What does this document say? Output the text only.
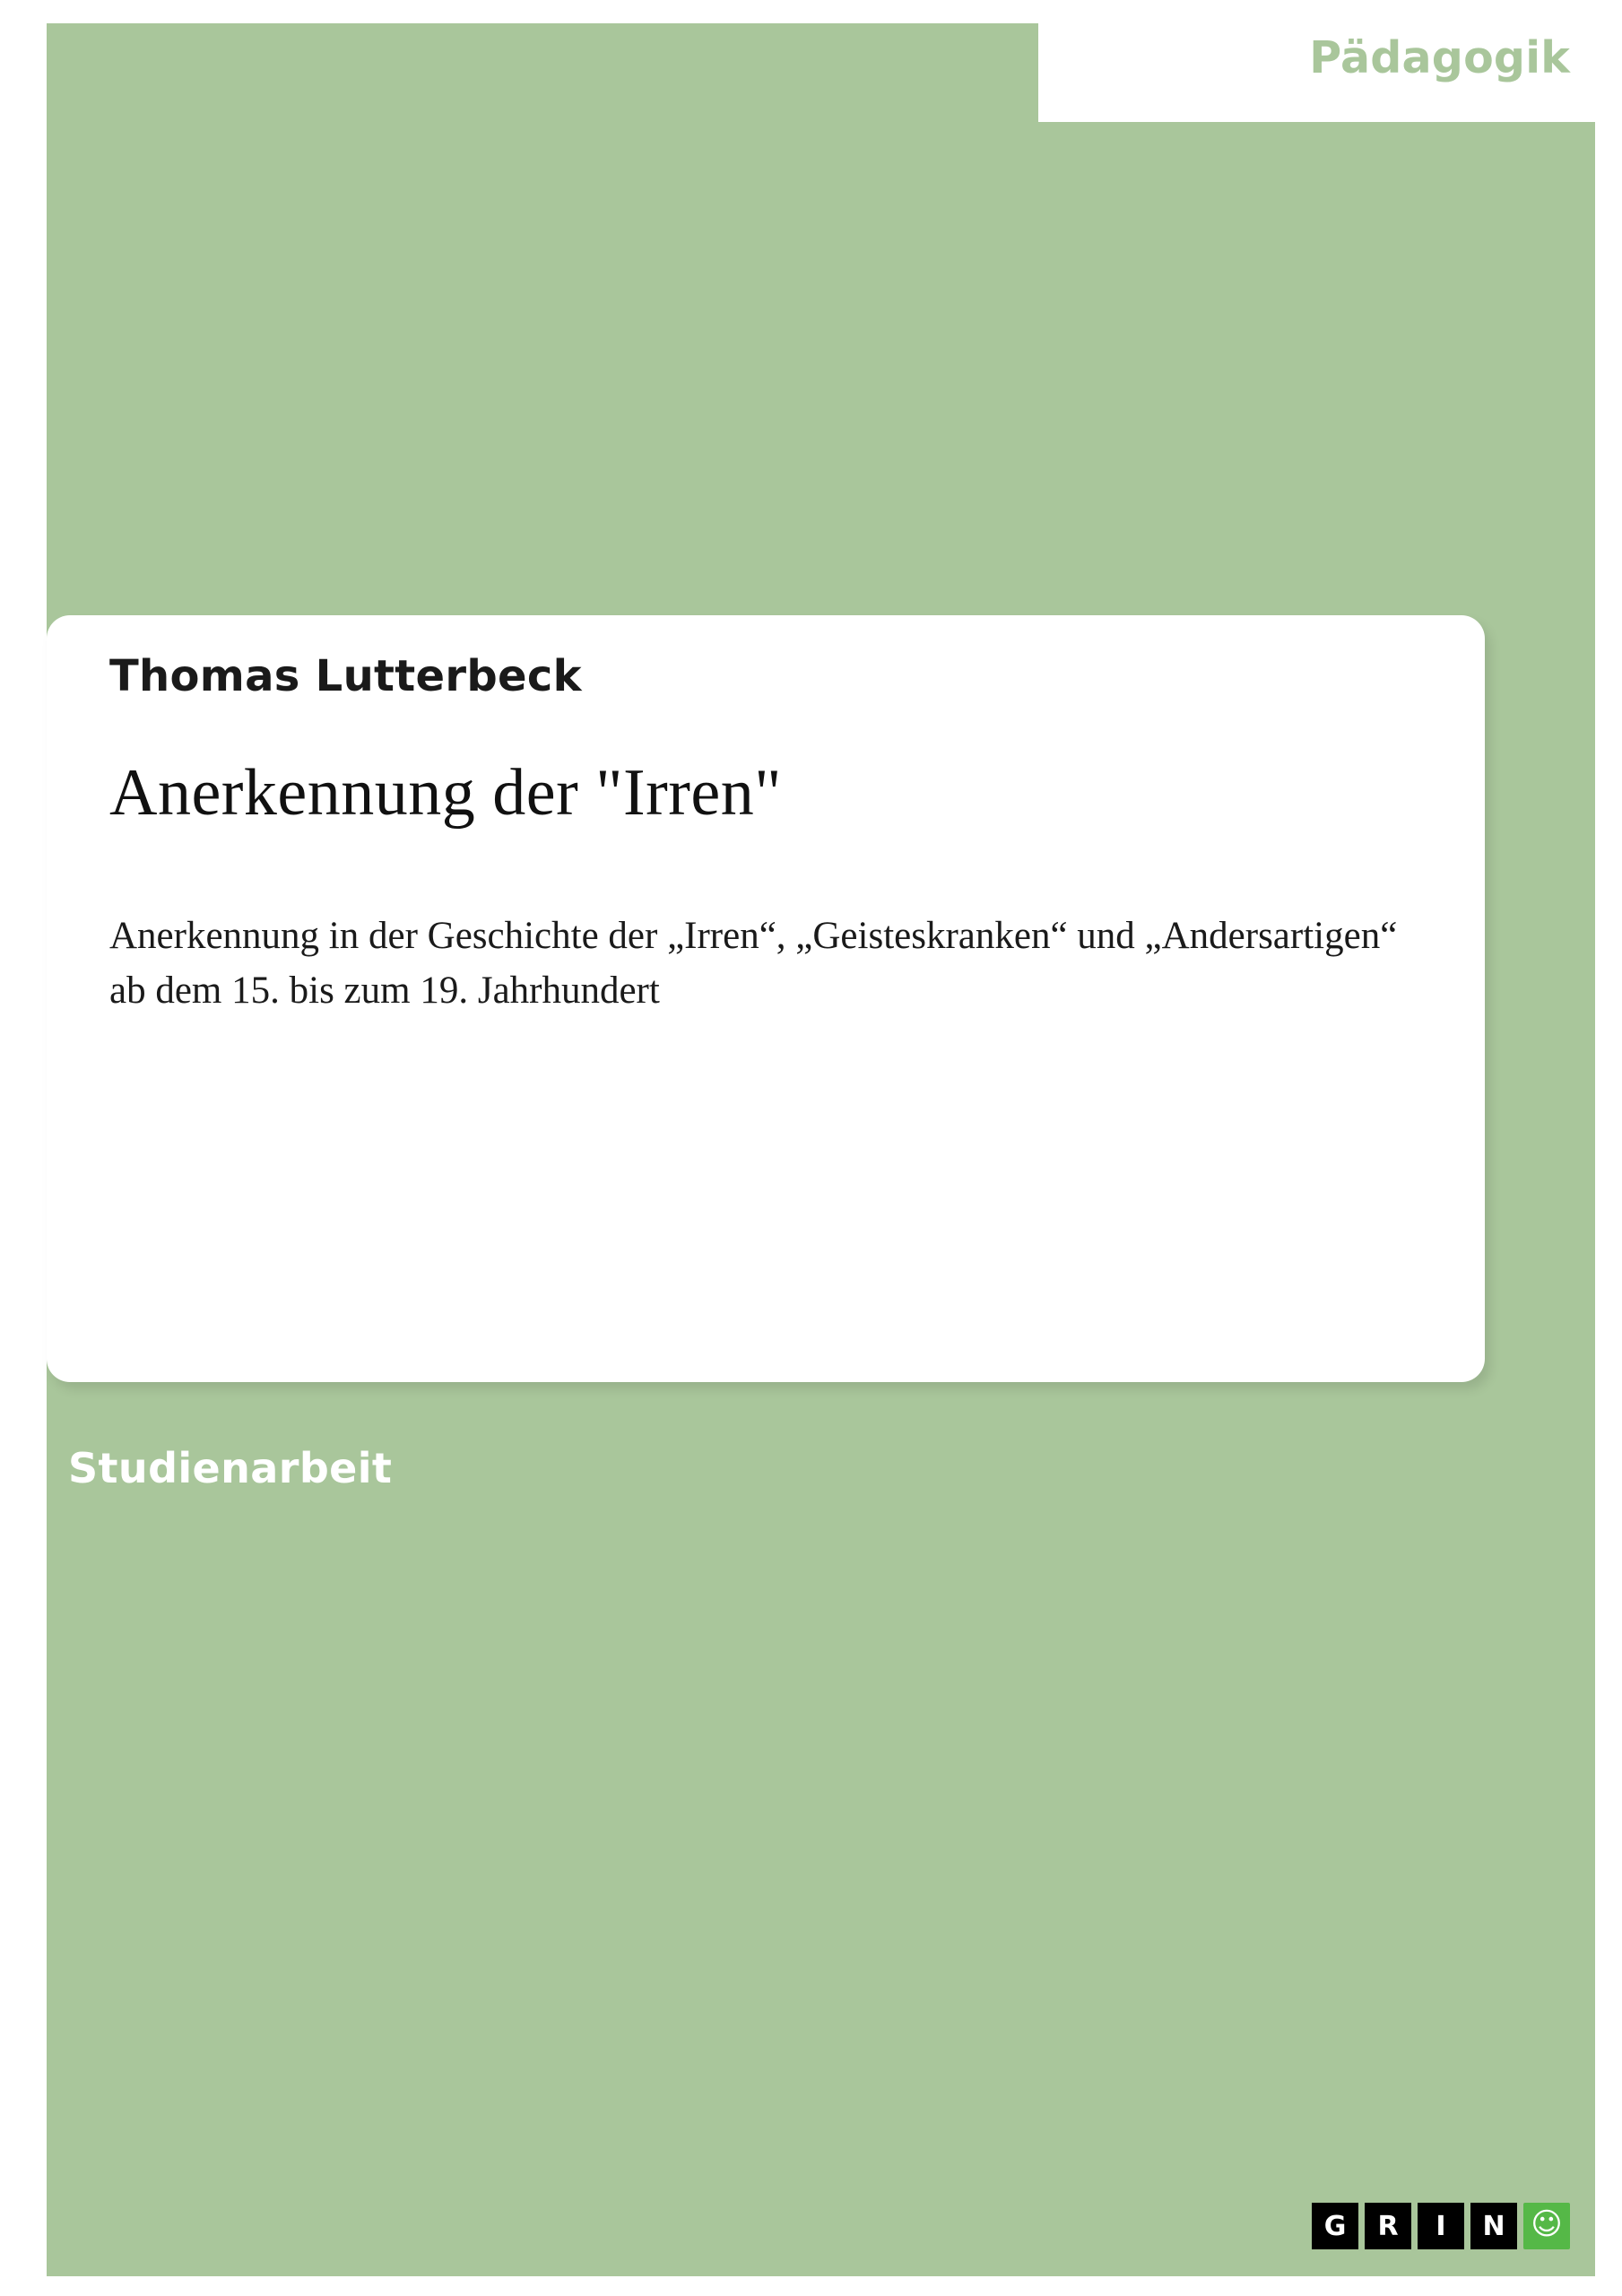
Pädagogik
Thomas Lutterbeck
Anerkennung der "Irren"
Anerkennung in der Geschichte der „Irren“, „Geisteskranken“ und „Andersartigen“ ab dem 15. bis zum 19. Jahrhundert
Studienarbeit
G	R	I	N ☺
